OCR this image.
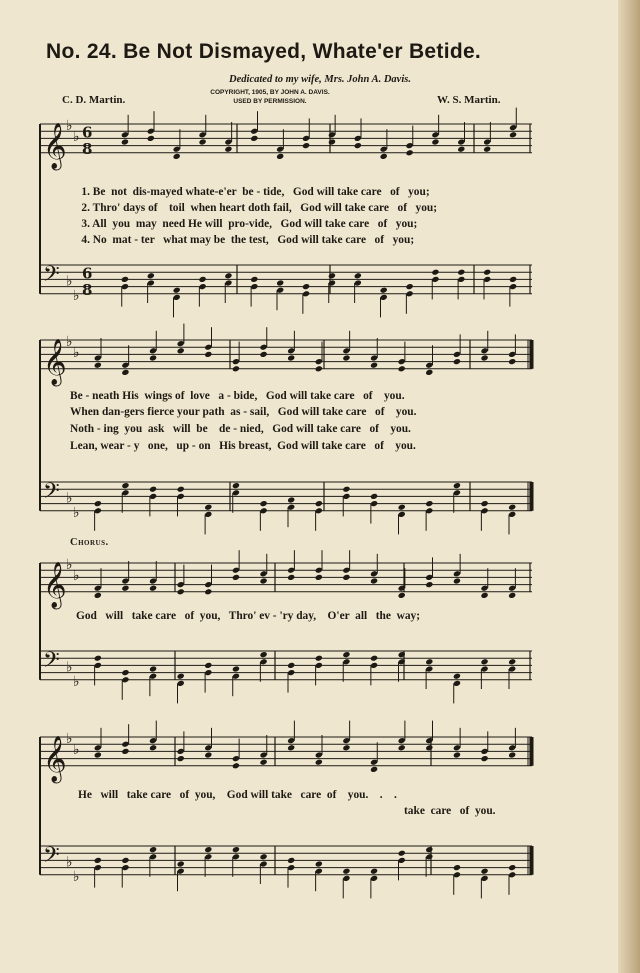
No. 24. Be Not Dismayed, Whate'er Betide.
Dedicated to my wife, Mrs. John A. Davis.
COPYRIGHT, 1905, BY JOHN A. DAVIS.
USED BY PERMISSION.
C. D. Martin.	W. S. Martin.
𝄞 ♭
♭ 6
8
𝄢 ♭
♭
6
8
𝄞 ♭
♭
𝄢 ♭
♭
𝄞 ♭
♭
𝄢 ♭
♭
𝄞 ♭
♭
𝄢 ♭
♭

1. Be  not  dis-mayed whate-e'er  be - tide,   God will take care   of   you;

2. Thro' days of    toil  when heart doth fail,   God will take care   of   you;

3. All  you  may  need He will  pro-vide,   God will take care   of   you;

4. No  mat - ter   what may be  the test,   God will take care   of   you;
Be - neath His  wings of  love   a - bide,   God will take care   of    you.
When dan-gers fierce your path  as - sail,   God will take care   of    you.
Noth - ing  you  ask   will  be    de - nied,   God will take care   of    you.
Lean, wear - y   one,   up - on   His breast,  God will take care   of    you.
Chorus.
God   will   take care   of  you,   Thro' ev - 'ry day,    O'er  all   the  way;
He   will   take care   of  you,    God will take   care  of    you.    .    .
take  care   of  you.
